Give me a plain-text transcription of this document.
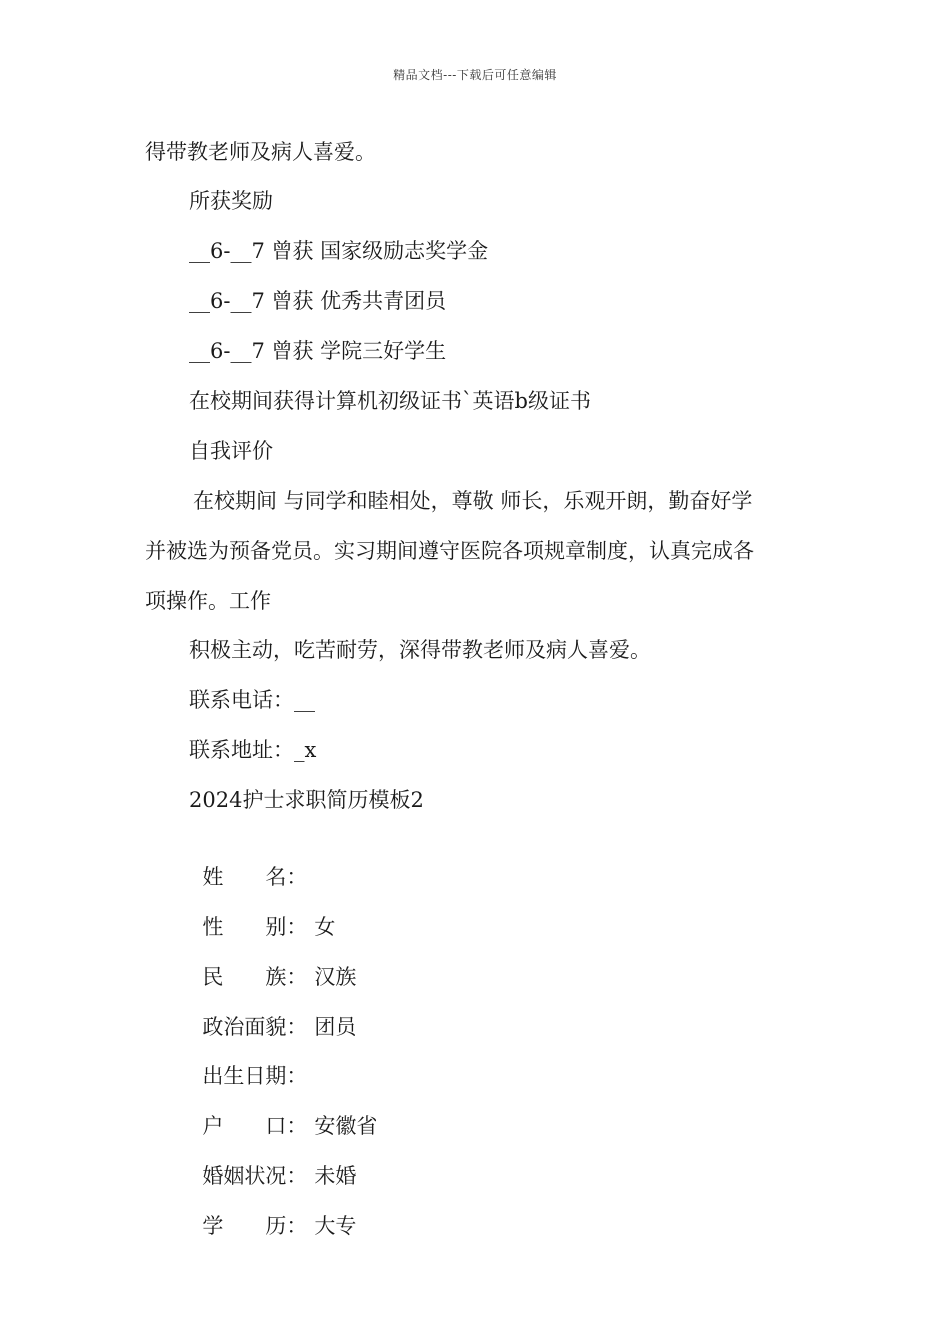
精品文档---下载后可任意编辑
得带教老师及病人喜爱。
所获奖励
__6-__7 曾获 国家级励志奖学金
__6-__7 曾获 优秀共青团员
__6-__7 曾获 学院三好学生
在校期间获得计算机初级证书`英语b级证书
自我评价
在校期间 与同学和睦相处，尊敬 师长，乐观开朗，勤奋好学
并被选为预备党员。实习期间遵守医院各项规章制度，认真完成各
项操作。工作
积极主动，吃苦耐劳，深得带教老师及病人喜爱。
联系电话：__
联系地址：_x
2024护士求职简历模板2

姓　　名：

性　　别： 女

民　　族： 汉族

政治面貌： 团员

出生日期：

户　　口： 安徽省

婚姻状况： 未婚

学　　历： 大专
